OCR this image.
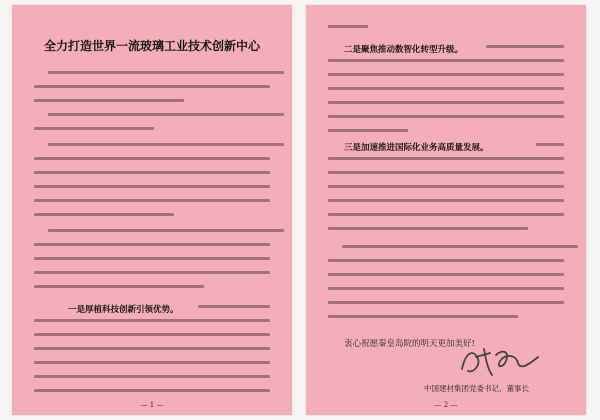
全力打造世界一流玻璃工业技术创新中心
一是厚植科技创新引领优势。
— 1 —
二是聚焦推动数智化转型升级。
三是加速推进国际化业务高质量发展。
衷心祝愿秦皇岛院的明天更加美好!
中国建材集团党委书记、董事长
— 2 —
